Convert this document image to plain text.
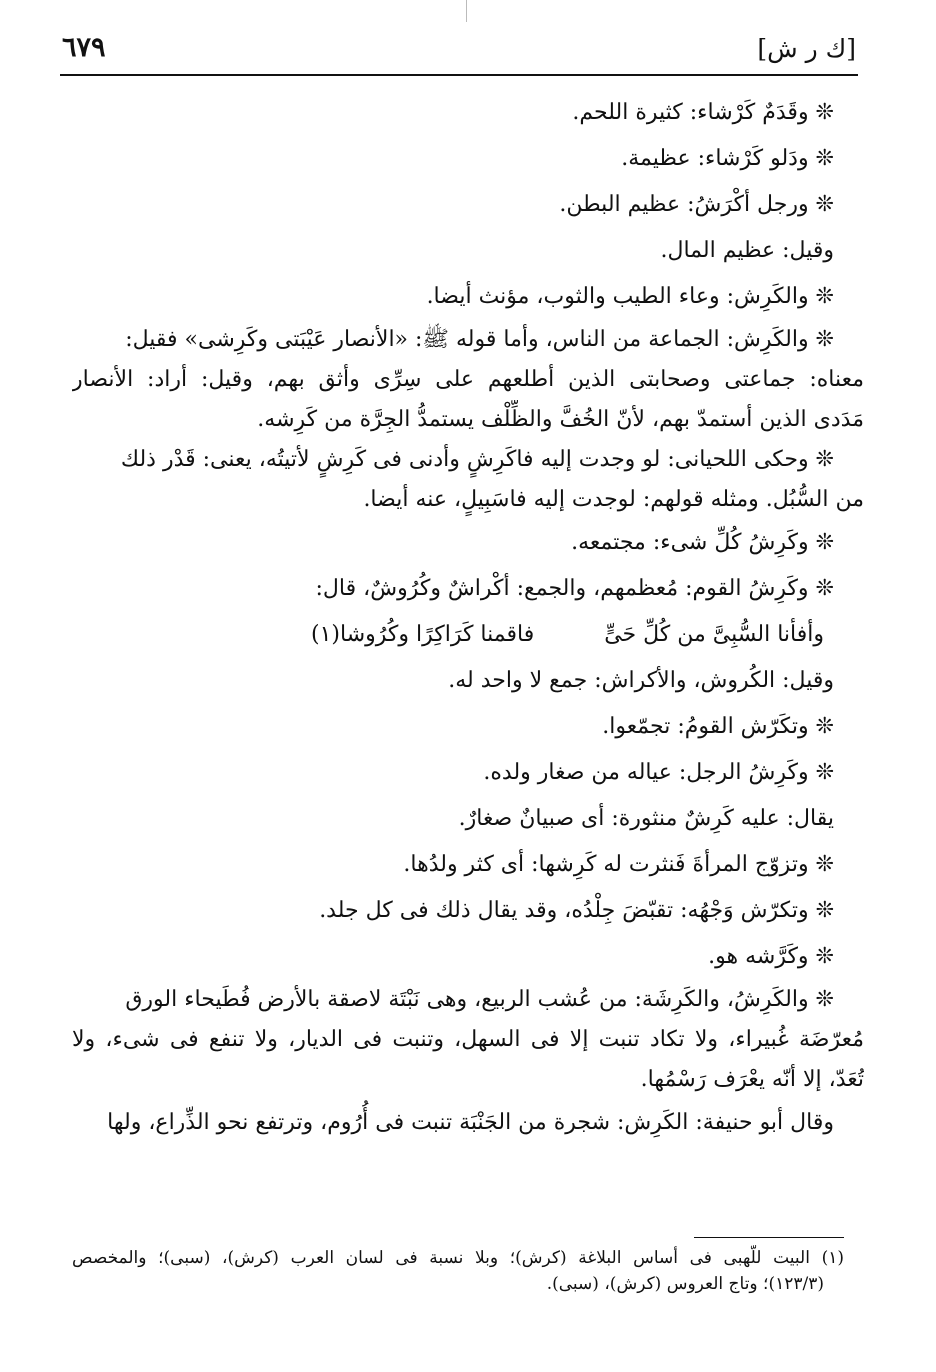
[ك ر ش]
٦٧٩
❊ وقَدَمٌ كَرْشاء: كثيرة اللحم.
❊ ودَلو كَرْشاء: عظيمة.
❊ ورجل أكْرَشُ: عظيم البطن.
وقيل: عظيم المال.
❊ والكَرِش: وعاء الطيب والثوب، مؤنث أيضا.
❊ والكَرِش: الجماعة من الناس، وأما قوله ﷺ: «الأنصار عَيْبَتى وكَرِشى» فقيل:
معناه: جماعتى وصحابتى الذين أطلعهم على سِرِّى وأثق بهم، وقيل: أراد: الأنصار
مَدَدى الذين أستمدّ بهم، لأنّ الخُفَّ والظِّلْف يستمدُّ الجِرَّة من كَرِشه.
❊ وحكى اللحيانى: لو وجدت إليه فاكَرِشٍ وأدنى فى كَرِشٍ لأتيتُه، يعنى: قَدْر ذلك
من السُّبُل. ومثله قولهم: لوجدت إليه فاسَبِيلٍ، عنه أيضا.
❊ وكَرِشُ كُلِّ شىء: مجتمعه.
❊ وكَرِشُ القوم: مُعظمهم، والجمع: أكْراشٌ وكُرُوشٌ، قال:
وأفأنا السُّبِىَّ من كُلِّ حَىٍّ
فاقمنا كَرَاكِرًا وكُرُوشا(١)
وقيل: الكُروش، والأكراش: جمع لا واحد له.
❊ وتكَرّش القومُ: تجمّعوا.
❊ وكَرِشُ الرجل: عياله من صغار ولده.
يقال: عليه كَرِشٌ منثورة: أى صبيانٌ صغارٌ.
❊ وتزوّج المرأةَ فَنثرت له كَرِشها: أى كثر ولدُها.
❊ وتكرّش وَجْهُه: تقبّضَ جِلْدُه، وقد يقال ذلك فى كل جلد.
❊ وكَرَّشه هو.
❊ والكَرِشُ، والكَرِشَة: من عُشب الربيع، وهى نَبْتَة لاصقة بالأرض فُطَيحاء الورق
مُعرّضَة غُبيراء، ولا تكاد تنبت إلا فى السهل، وتنبت فى الديار، ولا تنفع فى شىء، ولا
تُعَدّ، إلا أنّه يعْرَف رَسْمُها.
وقال أبو حنيفة: الكَرِش: شجرة من الجَنْبَة تنبت فى أُرُوم، وترتفع نحو الذِّراع، ولها
(١) البيت للّهبى فى أساس البلاغة (كرش)؛ وبلا نسبة فى لسان العرب (كرش)، (سبى)؛ والمخصص
(١٢٣/٣)؛ وتاج العروس (كرش)، (سبى).
